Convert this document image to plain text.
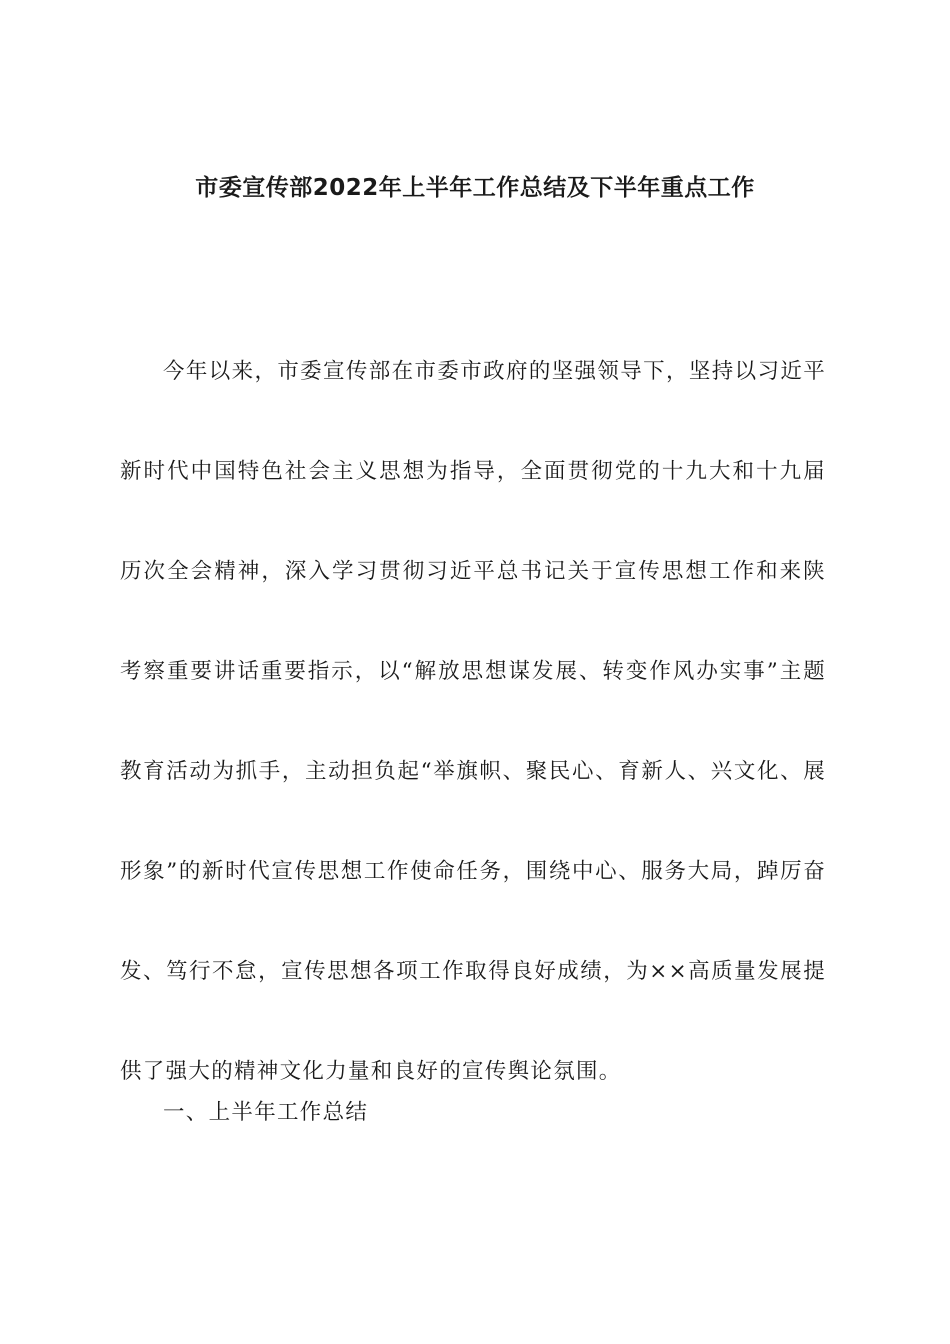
市委宣传部2022年上半年工作总结及下半年重点工作

今年以来，市委宣传部在市委市政府的坚强领导下，坚持以习近平新时代中国特色社会主义思想为指导，全面贯彻党的十九大和十九届历次全会精神，深入学习贯彻习近平总书记关于宣传思想工作和来陕考察重要讲话重要指示，以“解放思想谋发展、转变作风办实事”主题教育活动为抓手，主动担负起“举旗帜、聚民心、育新人、兴文化、展形象”的新时代宣传思想工作使命任务，围绕中心、服务大局，踔厉奋发、笃行不怠，宣传思想各项工作取得良好成绩，为××高质量发展提供了强大的精神文化力量和良好的宣传舆论氛围。

一、上半年工作总结
